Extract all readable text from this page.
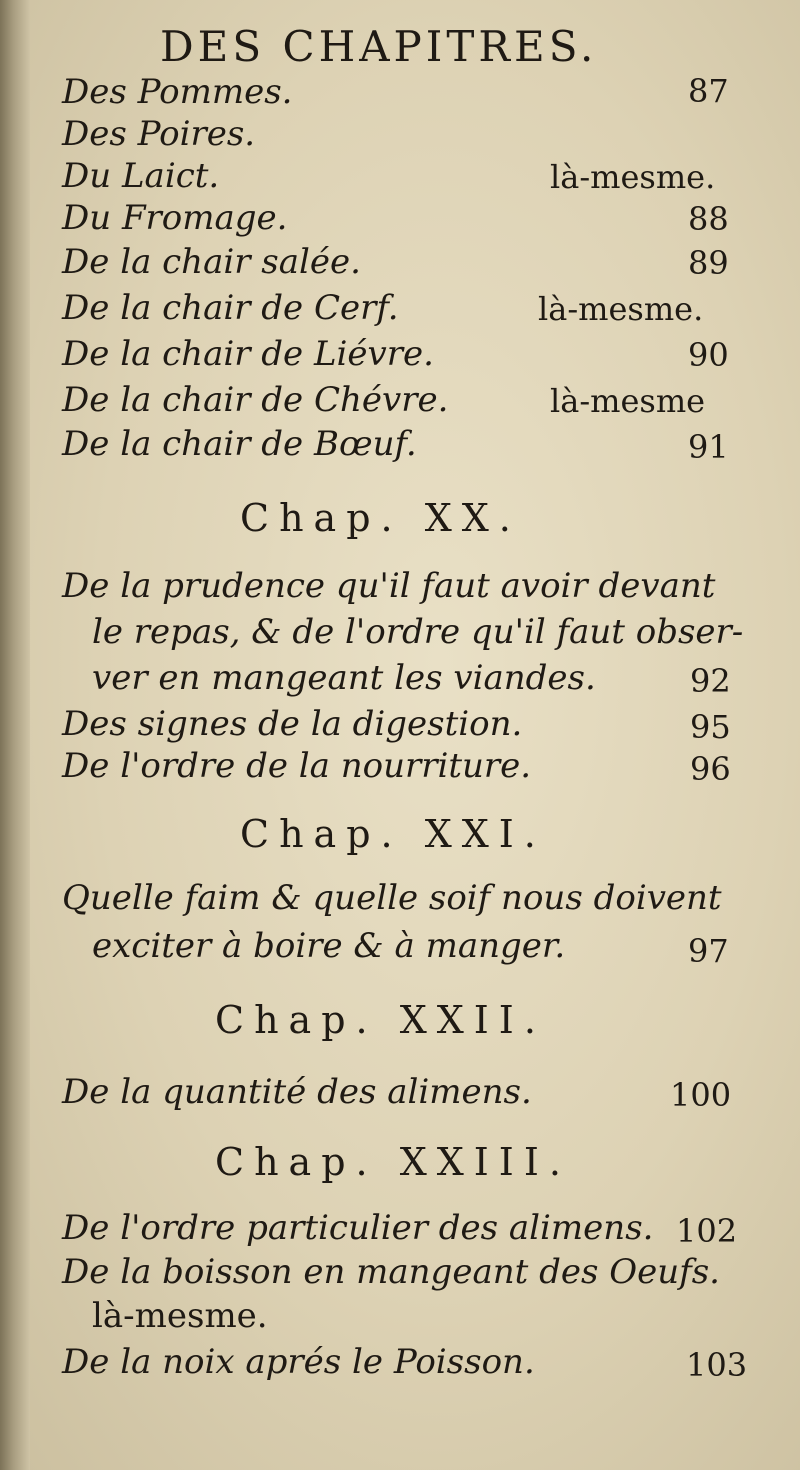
DES CHAPITRES.
Des Pommes.	87
Des Poires.
Du Laict.	là-mesme.
Du Fromage.	88
De la chair salée.	89
De la chair de Cerf.	là-mesme.
De la chair de Liévre.	90
De la chair de Chévre.	là-mesme
De la chair de Bœuf.	91
Chap. XX.
De la prudence qu'il faut avoir devant
le repas, & de l'ordre qu'il faut obser-
ver en mangeant les viandes.	92
Des signes de la digestion.	95
De l'ordre de la nourriture.	96
Chap. XXI.
Quelle faim & quelle soif nous doivent
exciter à boire & à manger.	97
Chap. XXII.
De la quantité des alimens.	100
Chap. XXIII.
De l'ordre particulier des alimens. 102
De la boisson en mangeant des Oeufs.
là-mesme.
De la noix aprés le Poisson.	103
